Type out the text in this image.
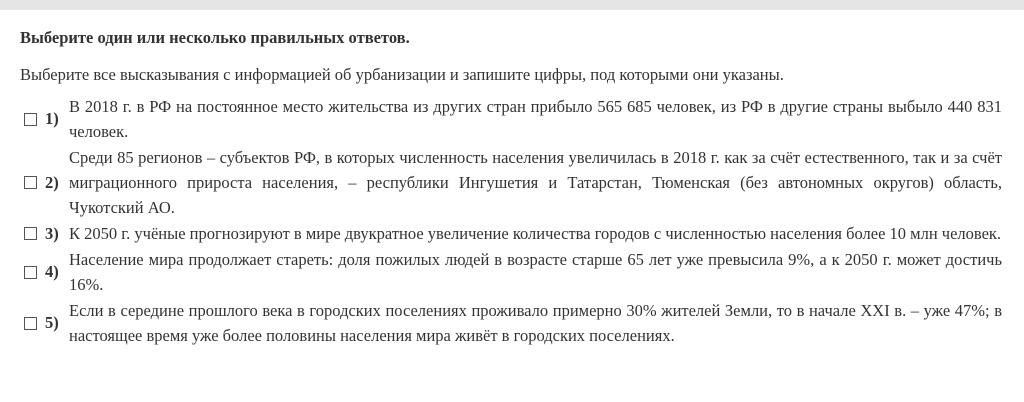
Выберите один или несколько правильных ответов.
Выберите все высказывания с информацией об урбанизации и запишите цифры, под которыми они указаны.
1)
В 2018 г. в РФ на постоянное место жительства из других стран прибыло 565 685 человек, из РФ в другие страны выбыло 440 831 человек.
2)
Среди 85 регионов – субъектов РФ, в которых численность населения увеличилась в 2018 г. как за счёт естественного, так и за счёт миграционного прироста населения, – республики Ингушетия и Татарстан, Тюменская (без автономных округов) область, Чукотский АО.
3) К 2050 г. учёные прогнозируют в мире двукратное увеличение количества городов с численностью населения более 10 млн человек.
4)
Население мира продолжает стареть: доля пожилых людей в возрасте старше 65 лет уже превысила 9%, а к 2050 г. может достичь 16%.
5)
Если в середине прошлого века в городских поселениях проживало примерно 30% жителей Земли, то в начале XXI в. – уже 47%; в настоящее время уже более половины населения мира живёт в городских поселениях.
